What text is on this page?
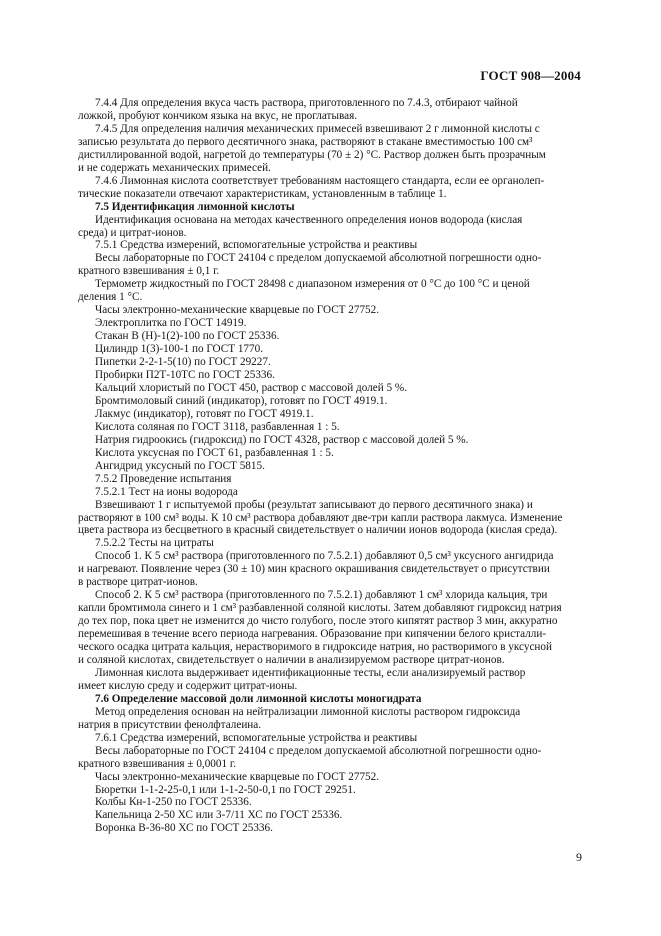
ГОСТ 908—2004
7.4.4 Для определения вкуса часть раствора, приготовленного по 7.4.3, отбирают чайной
ложкой, пробуют кончиком языка на вкус, не проглатывая.
7.4.5 Для определения наличия механических примесей взвешивают 2 г лимонной кислоты с
записью результата до первого десятичного знака, растворяют в стакане вместимостью 100 см³
дистиллированной водой, нагретой до температуры (70 ± 2) °С. Раствор должен быть прозрачным
и не содержать механических примесей.
7.4.6 Лимонная кислота соответствует требованиям настоящего стандарта, если ее органолеп-
тические показатели отвечают характеристикам, установленным в таблице 1.
7.5 Идентификация лимонной кислоты
Идентификация основана на методах качественного определения ионов водорода (кислая
среда) и цитрат-ионов.
7.5.1 Средства измерений, вспомогательные устройства и реактивы
Весы лабораторные по ГОСТ 24104 с пределом допускаемой абсолютной погрешности одно-
кратного взвешивания ± 0,1 г.
Термометр жидкостный по ГОСТ 28498 с диапазоном измерения от 0 °С до 100 °С и ценой
деления 1 °С.
Часы электронно-механические кварцевые по ГОСТ 27752.
Электроплитка по ГОСТ 14919.
Стакан В (Н)-1(2)-100 по ГОСТ 25336.
Цилиндр 1(3)-100-1 по ГОСТ 1770.
Пипетки 2-2-1-5(10) по ГОСТ 29227.
Пробирки П2Т-10ТС по ГОСТ 25336.
Кальций хлористый по ГОСТ 450, раствор с массовой долей 5 %.
Бромтимоловый синий (индикатор), готовят по ГОСТ 4919.1.
Лакмус (индикатор), готовят по ГОСТ 4919.1.
Кислота соляная по ГОСТ 3118, разбавленная 1 : 5.
Натрия гидроокись (гидроксид) по ГОСТ 4328, раствор с массовой долей 5 %.
Кислота уксусная по ГОСТ 61, разбавленная 1 : 5.
Ангидрид уксусный по ГОСТ 5815.
7.5.2 Проведение испытания
7.5.2.1 Тест на ионы водорода
Взвешивают 1 г испытуемой пробы (результат записывают до первого десятичного знака) и
растворяют в 100 см³ воды. К 10 см³ раствора добавляют две-три капли раствора лакмуса. Изменение
цвета раствора из бесцветного в красный свидетельствует о наличии ионов водорода (кислая среда).
7.5.2.2 Тесты на цитраты
Способ 1. К 5 см³ раствора (приготовленного по 7.5.2.1) добавляют 0,5 см³ уксусного ангидрида
и нагревают. Появление через (30 ± 10) мин красного окрашивания свидетельствует о присутствии
в растворе цитрат-ионов.
Способ 2. К 5 см³ раствора (приготовленного по 7.5.2.1) добавляют 1 см³ хлорида кальция, три
капли бромтимола синего и 1 см³ разбавленной соляной кислоты. Затем добавляют гидроксид натрия
до тех пор, пока цвет не изменится до чисто голубого, после этого кипятят раствор 3 мин, аккуратно
перемешивая в течение всего периода нагревания. Образование при кипячении белого кристалли-
ческого осадка цитрата кальция, нерастворимого в гидроксиде натрия, но растворимого в уксусной
и соляной кислотах, свидетельствует о наличии в анализируемом растворе цитрат-ионов.
Лимонная кислота выдерживает идентификационные тесты, если анализируемый раствор
имеет кислую среду и содержит цитрат-ионы.
7.6 Определение массовой доли лимонной кислоты моногидрата
Метод определения основан на нейтрализации лимонной кислоты раствором гидроксида
натрия в присутствии фенолфталеина.
7.6.1 Средства измерений, вспомогательные устройства и реактивы
Весы лабораторные по ГОСТ 24104 с пределом допускаемой абсолютной погрешности одно-
кратного взвешивания ± 0,0001 г.
Часы электронно-механические кварцевые по ГОСТ 27752.
Бюретки 1-1-2-25-0,1 или 1-1-2-50-0,1 по ГОСТ 29251.
Колбы Кн-1-250 по ГОСТ 25336.
Капельница 2-50 ХС или 3-7/11 ХС по ГОСТ 25336.
Воронка В-36-80 ХС по ГОСТ 25336.
9
